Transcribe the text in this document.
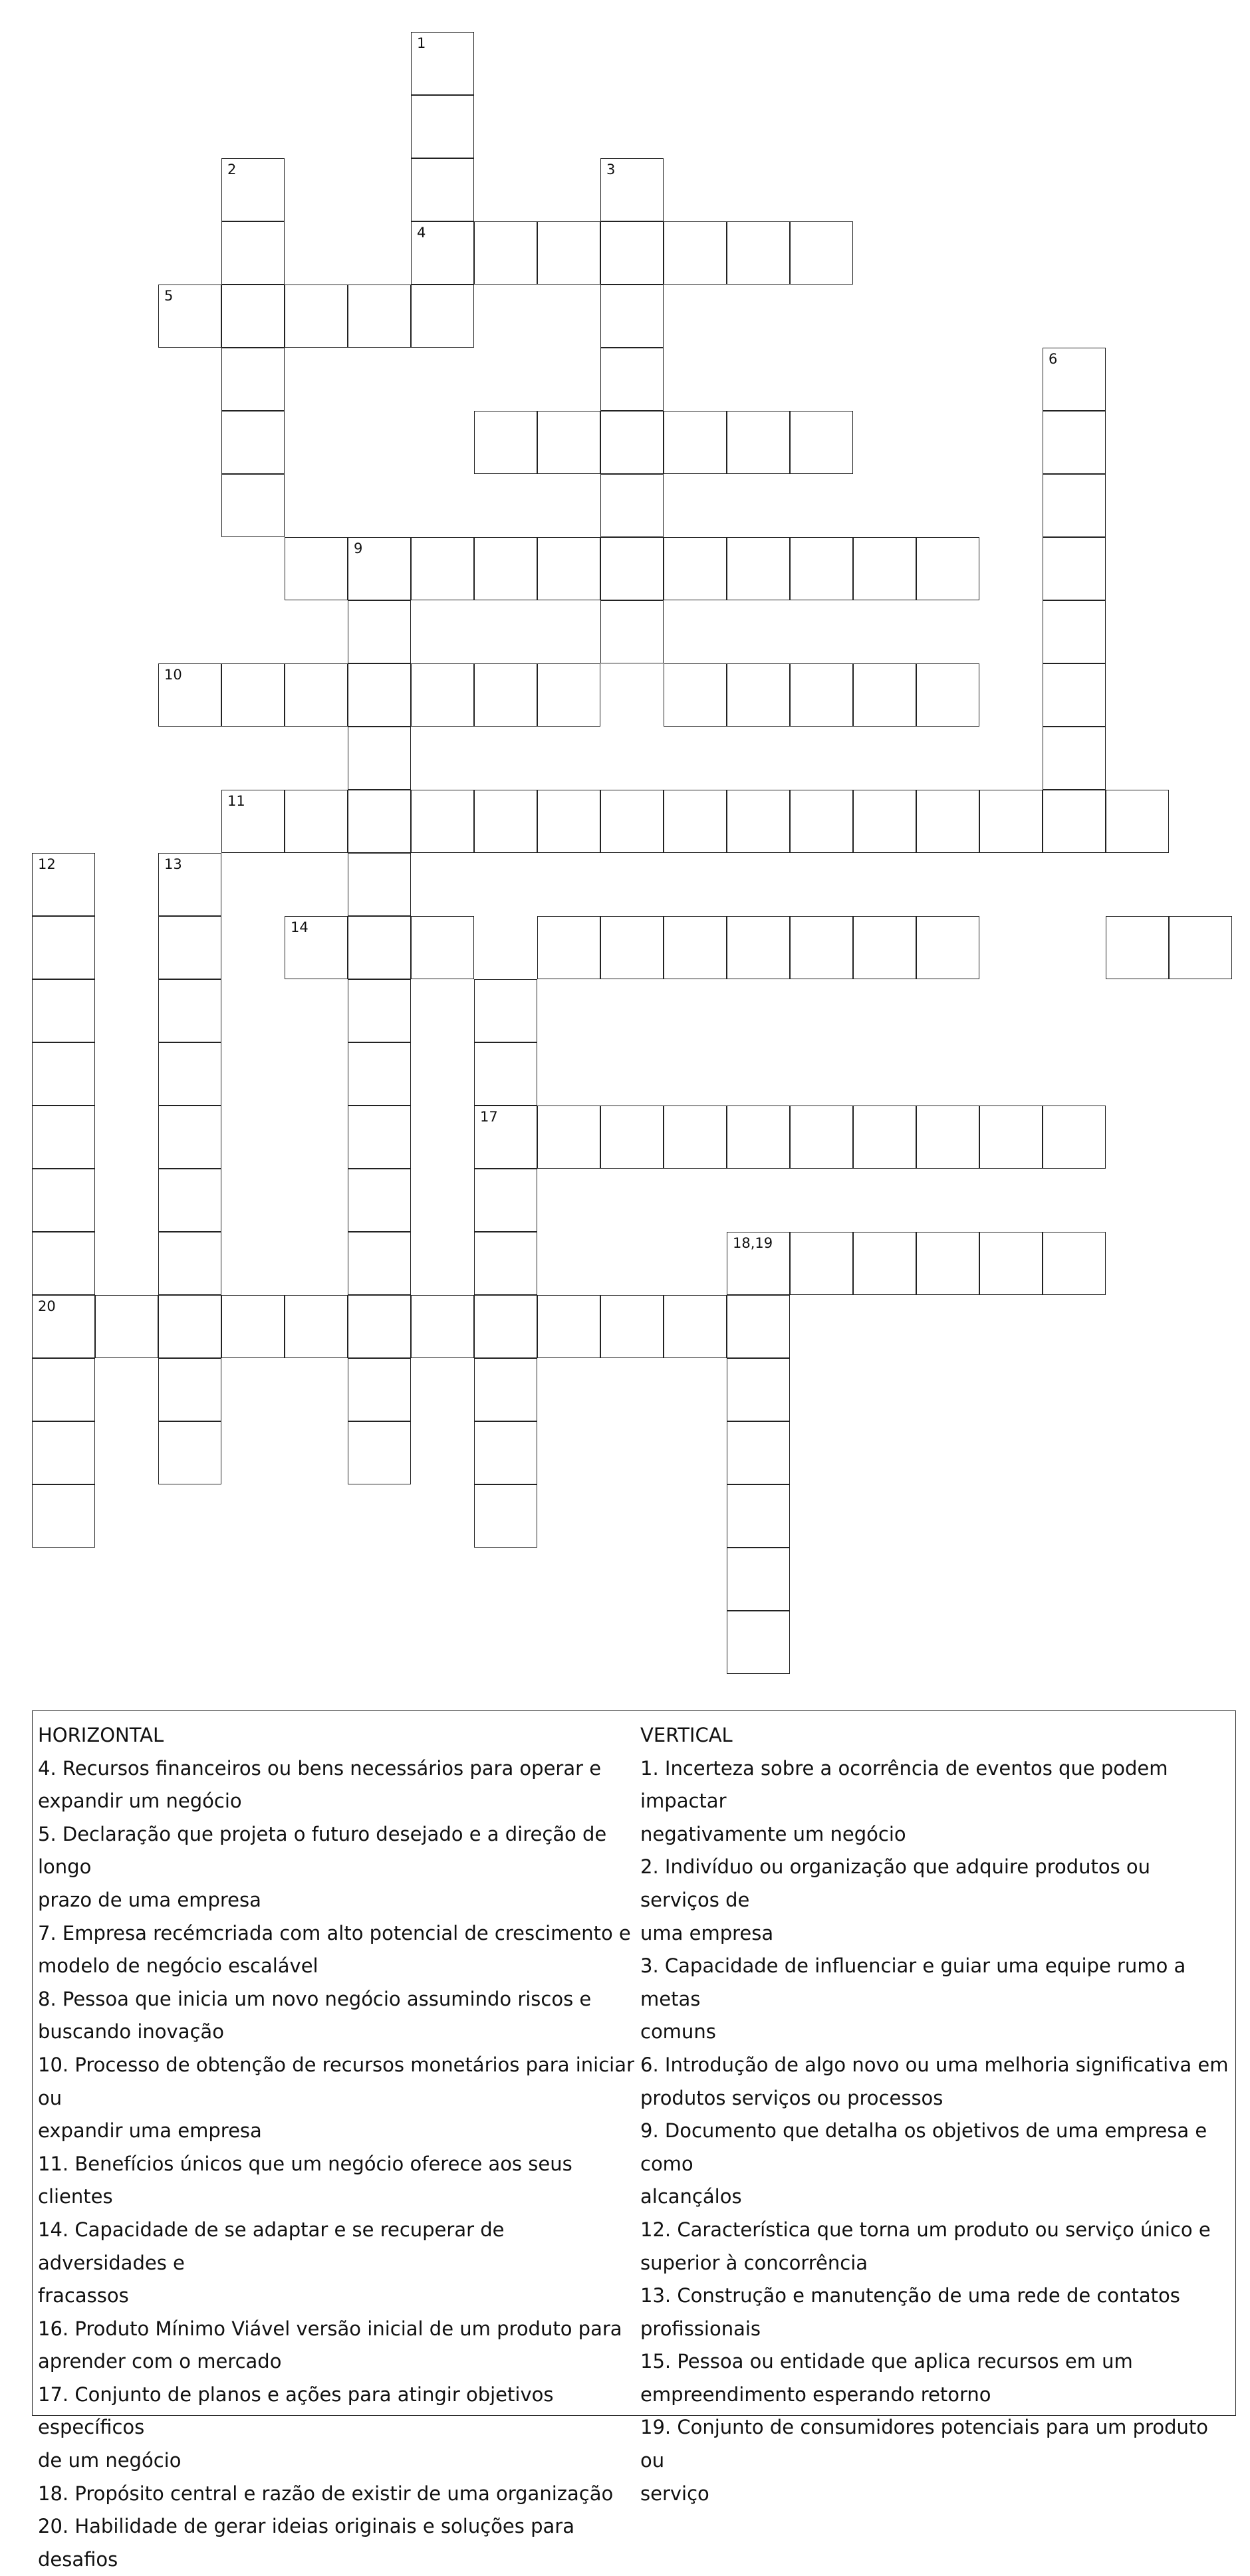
1
4
2	3
5
6
9
10
11
12
20
13
14
17
18,19
HORIZONTAL
4. Recursos financeiros ou bens necessários para operar e
expandir um negócio
5. Declaração que projeta o futuro desejado e a direção de longo
prazo de uma empresa
7. Empresa recémcriada com alto potencial de crescimento e
modelo de negócio escalável
8. Pessoa que inicia um novo negócio assumindo riscos e
buscando inovação
10. Processo de obtenção de recursos monetários para iniciar ou
expandir uma empresa
11. Benefícios únicos que um negócio oferece aos seus clientes
14. Capacidade de se adaptar e se recuperar de adversidades e
fracassos
16. Produto Mínimo Viável versão inicial de um produto para
aprender com o mercado
17. Conjunto de planos e ações para atingir objetivos específicos
de um negócio
18. Propósito central e razão de existir de uma organização
20. Habilidade de gerar ideias originais e soluções para desafios
VERTICAL
1. Incerteza sobre a ocorrência de eventos que podem impactar
negativamente um negócio
2. Indivíduo ou organização que adquire produtos ou serviços de
uma empresa
3. Capacidade de influenciar e guiar uma equipe rumo a metas
comuns
6. Introdução de algo novo ou uma melhoria significativa em
produtos serviços ou processos
9. Documento que detalha os objetivos de uma empresa e como
alcançálos
12. Característica que torna um produto ou serviço único e
superior à concorrência
13. Construção e manutenção de uma rede de contatos
profissionais
15. Pessoa ou entidade que aplica recursos em um
empreendimento esperando retorno
19. Conjunto de consumidores potenciais para um produto ou
serviço
